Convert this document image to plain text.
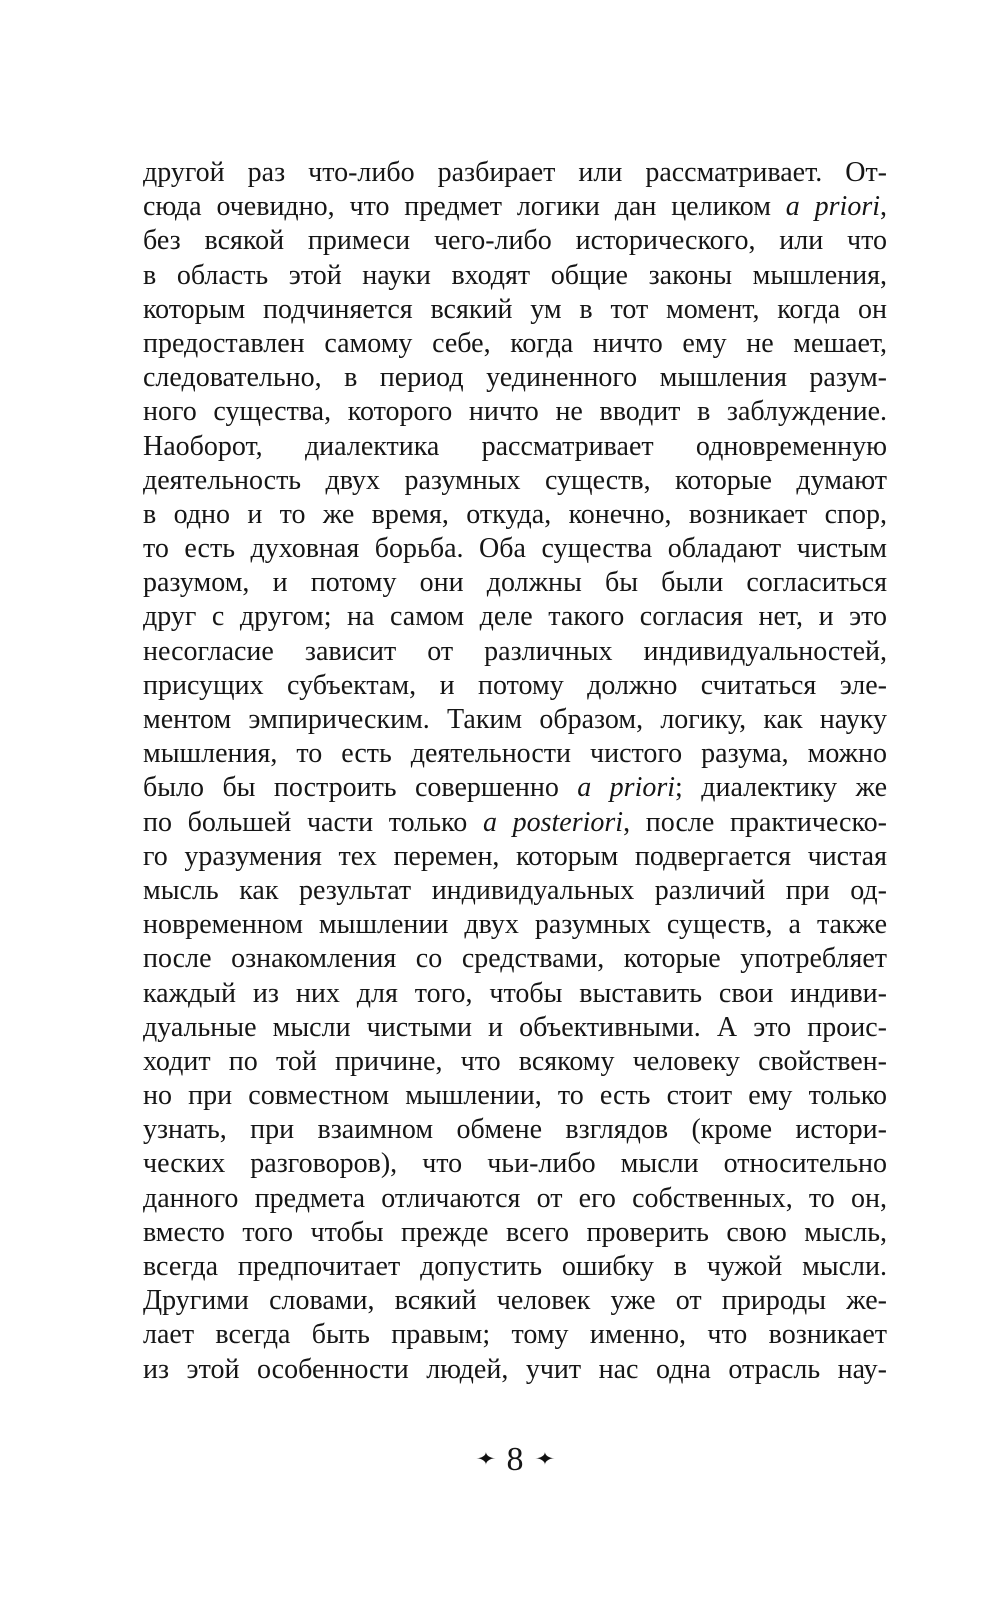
другой раз что-либо разбирает или рассматривает. От-
сюда очевидно, что предмет логики дан целиком a priori,
без всякой примеси чего-либо исторического, или что
в область этой науки входят общие законы мышления,
которым подчиняется всякий ум в тот момент, когда он
предоставлен самому себе, когда ничто ему не мешает,
следовательно, в период уединенного мышления разум-
ного существа, которого ничто не вводит в заблуждение.
Наоборот, диалектика рассматривает одновременную
деятельность двух разумных существ, которые думают
в одно и то же время, откуда, конечно, возникает спор,
то есть духовная борьба. Оба существа обладают чистым
разумом, и потому они должны бы были согласиться
друг с другом; на самом деле такого согласия нет, и это
несогласие зависит от различных индивидуальностей,
присущих субъектам, и потому должно считаться эле-
ментом эмпирическим. Таким образом, логику, как науку
мышления, то есть деятельности чистого разума, можно
было бы построить совершенно a priori; диалектику же
по большей части только a posteriori, после практическо-
го уразумения тех перемен, которым подвергается чистая
мысль как результат индивидуальных различий при од-
новременном мышлении двух разумных существ, а также
после ознакомления со средствами, которые употребляет
каждый из них для того, чтобы выставить свои индиви-
дуальные мысли чистыми и объективными. А это проис-
ходит по той причине, что всякому человеку свойствен-
но при совместном мышлении, то есть стоит ему только
узнать, при взаимном обмене взглядов (кроме истори-
ческих разговоров), что чьи-либо мысли относительно
данного предмета отличаются от его собственных, то он,
вместо того чтобы прежде всего проверить свою мысль,
всегда предпочитает допустить ошибку в чужой мысли.
Другими словами, всякий человек уже от природы же-
лает всегда быть правым; тому именно, что возникает
из этой особенности людей, учит нас одна отрасль нау-
✦ 8 ✦
